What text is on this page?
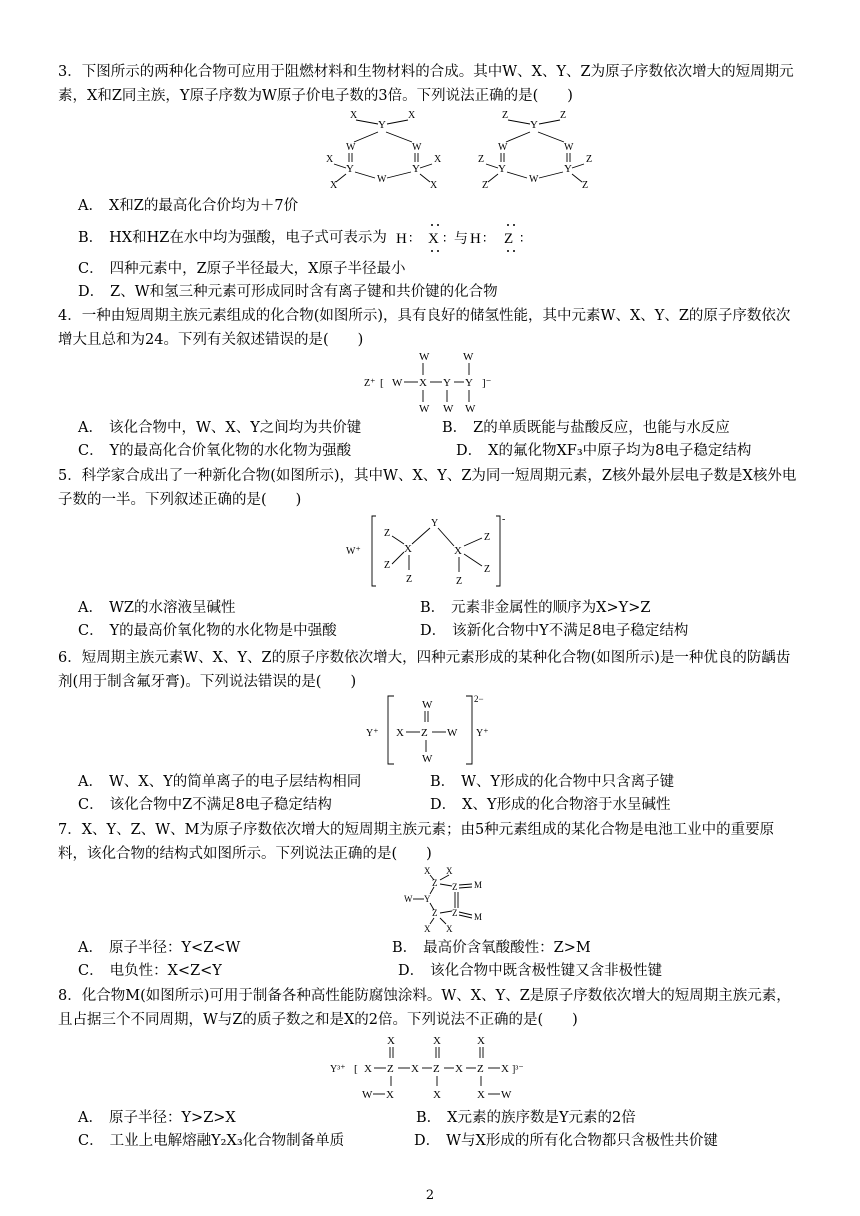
3．下图所示的两种化合物可应用于阻燃材料和生物材料的合成。其中W、X、Y、Z为原子序数依次增大的短周期元素，X和Z同主族，Y原子序数为W原子价电子数的3倍。下列说法正确的是(　　)
Y
X	X
W	W
Y	Y
X	X
X	X
W
Y
Z	Z
W	W
Y	Y
Z	Z
Z	Z
W
A． X和Z的最高化合价均为＋7价
B． HX和HZ在水中均为强酸，电子式可表示为 H ∶ X ∶ 与 H ∶ Z ∶
C． 四种元素中，Z原子半径最大，X原子半径最小
D． Z、W和氢三种元素可形成同时含有离子键和共价键的化合物
4．一种由短周期主族元素组成的化合物(如图所示)，具有良好的储氢性能，其中元素W、X、Y、Z的原子序数依次增大且总和为24。下列有关叙述错误的是(　　)
Z⁺ [ W X
W
W
Y
W
Y
W
W
]⁻
A． 该化合物中，W、X、Y之间均为共价键	B． Z的单质既能与盐酸反应，也能与水反应
C． Y的最高化合价氧化物的水化物为强酸	D． X的氟化物XF₃中原子均为8电子稳定结构
5．科学家合成出了一种新化合物(如图所示)，其中W、X、Y、Z为同一短周期元素，Z核外最外层电子数是X核外电子数的一半。下列叙述正确的是(　　)
W⁺
-
Y
Z
X
Z
Z
X
Z
Z
Z
A． WZ的水溶液呈碱性	B． 元素非金属性的顺序为X>Y>Z
C． Y的最高价氧化物的水化物是中强酸	D． 该新化合物中Y不满足8电子稳定结构
6．短周期主族元素W、X、Y、Z的原子序数依次增大，四种元素形成的某种化合物(如图所示)是一种优良的防龋齿剂(用于制含氟牙膏)。下列说法错误的是(　　)
Y⁺
2−
W
X Z W
W
Y⁺
A． W、X、Y的简单离子的电子层结构相同	B． W、Y形成的化合物中只含离子键
C． 该化合物中Z不满足8电子稳定结构	D． X、Y形成的化合物溶于水呈碱性
7．X、Y、Z、W、M为原子序数依次增大的短周期主族元素；由5种元素组成的某化合物是电池工业中的重要原料，该化合物的结构式如图所示。下列说法正确的是(　　)
X X
Z Z M
W Y
Z Z M
X X
A． 原子半径：Y<Z<W	B． 最高价含氧酸酸性：Z>M
C． 电负性：X<Z<Y	D． 该化合物中既含极性键又含非极性键
8．化合物M(如图所示)可用于制备各种高性能防腐蚀涂料。W、X、Y、Z是原子序数依次增大的短周期主族元素，且占据三个不同周期，W与Z的质子数之和是X的2倍。下列说法不正确的是(　　)
Y³⁺ [ X
X
Z
W X
X
X
Z
X
X
X
Z
X W
X ]³⁻
A． 原子半径：Y>Z>X	B． X元素的族序数是Y元素的2倍
C． 工业上电解熔融Y₂X₃化合物制备单质	D． W与X形成的所有化合物都只含极性共价键
2
